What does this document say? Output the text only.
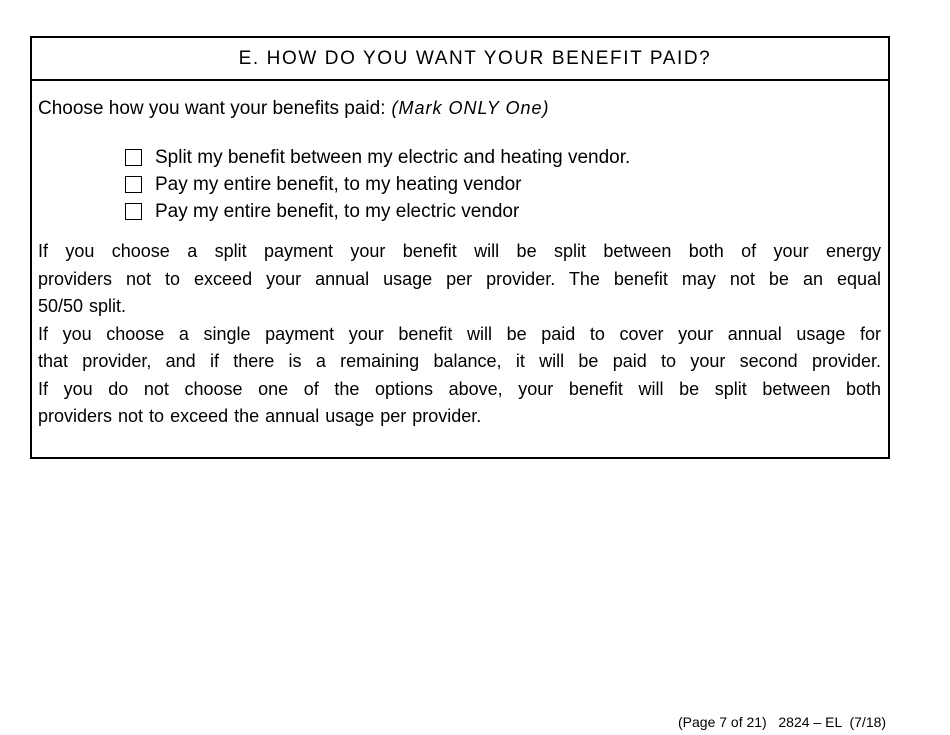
E. HOW DO YOU WANT YOUR BENEFIT PAID?
Choose how you want your benefits paid: (Mark ONLY One)
Split my benefit between my electric and heating vendor.
Pay my entire benefit, to my heating vendor
Pay my entire benefit, to my electric vendor
If you choose a split payment your benefit will be split between both of your energy
providers not to exceed your annual usage per provider. The benefit may not be an equal
50/50 split.
If you choose a single payment your benefit will be paid to cover your annual usage for
that provider, and if there is a remaining balance, it will be paid to your second provider.
If you do not choose one of the options above, your benefit will be split between both
providers not to exceed the annual usage per provider.
(Page 7 of 21)   2824 – EL  (7/18)
